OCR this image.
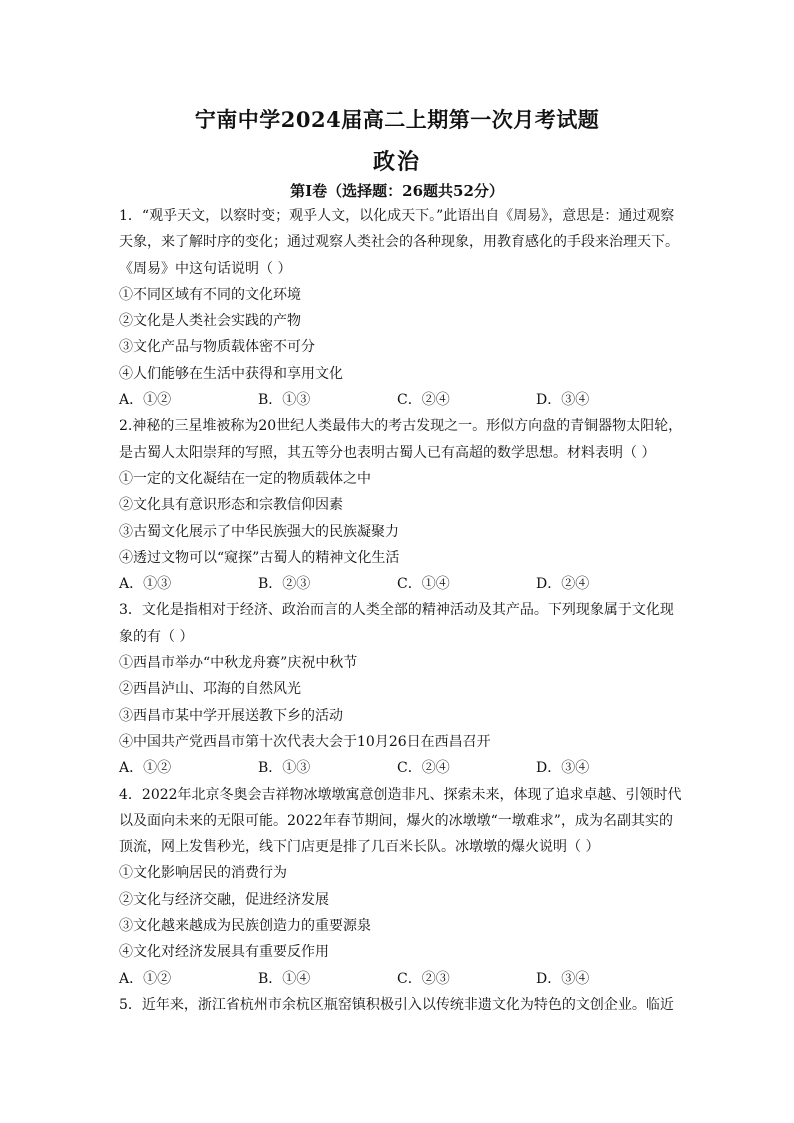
宁南中学2024届高二上期第一次月考试题
政治
第I卷（选择题：26题共52分）
1．“观乎天文，以察时变；观乎人文，以化成天下。”此语出自《周易》，意思是：通过观察
天象，来了解时序的变化；通过观察人类社会的各种现象，用教育感化的手段来治理天下。
《周易》中这句话说明（ ）
①不同区域有不同的文化环境
②文化是人类社会实践的产物
③文化产品与物质载体密不可分
④人们能够在生活中获得和享用文化
A．①②	B．①③	C．②④	D．③④
2.神秘的三星堆被称为20世纪人类最伟大的考古发现之一。形似方向盘的青铜器物太阳轮，
是古蜀人太阳崇拜的写照，其五等分也表明古蜀人已有高超的数学思想。材料表明（ ）
①一定的文化凝结在一定的物质载体之中
②文化具有意识形态和宗教信仰因素
③古蜀文化展示了中华民族强大的民族凝聚力
④透过文物可以“窥探”古蜀人的精神文化生活
A．①③	B．②③	C．①④	D．②④
3．文化是指相对于经济、政治而言的人类全部的精神活动及其产品。下列现象属于文化现
象的有（ ）
①西昌市举办“中秋龙舟赛”庆祝中秋节
②西昌泸山、邛海的自然风光
③西昌市某中学开展送教下乡的活动
④中国共产党西昌市第十次代表大会于10月26日在西昌召开
A．①②	B．①③	C．②④	D．③④
4．2022年北京冬奥会吉祥物冰墩墩寓意创造非凡、探索未来，体现了追求卓越、引领时代
以及面向未来的无限可能。2022年春节期间，爆火的冰墩墩“一墩难求”，成为名副其实的
顶流，网上发售秒光，线下门店更是排了几百米长队。冰墩墩的爆火说明（ ）
①文化影响居民的消费行为
②文化与经济交融，促进经济发展
③文化越来越成为民族创造力的重要源泉
④文化对经济发展具有重要反作用
A．①②	B．①④	C．②③	D．③④
5．近年来，浙江省杭州市余杭区瓶窑镇积极引入以传统非遗文化为特色的文创企业。临近
